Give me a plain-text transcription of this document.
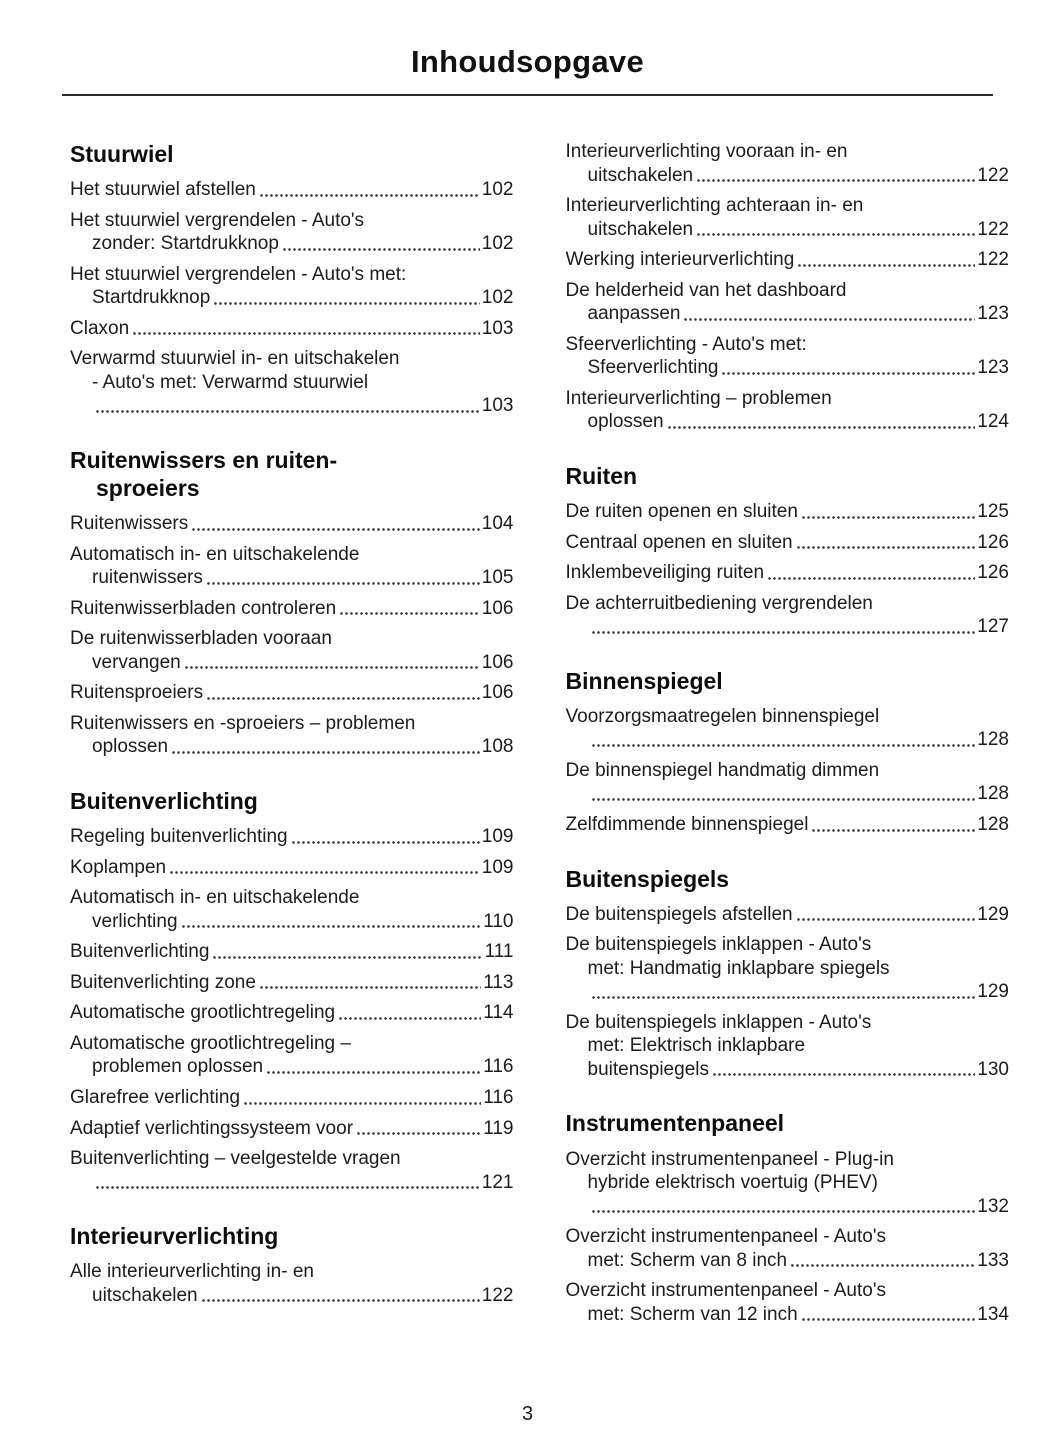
Inhoudsopgave
Stuurwiel
Het stuurwiel afstellen	102
Het stuurwiel vergrendelen - Auto's
zonder: Startdrukknop	102
Het stuurwiel vergrendelen - Auto's met:
Startdrukknop	102
Claxon	103
Verwarmd stuurwiel in- en uitschakelen
- Auto's met: Verwarmd stuurwiel
103
Ruitenwissers en ruiten-
sproeiers
Ruitenwissers	104
Automatisch in- en uitschakelende
ruitenwissers	105
Ruitenwisserbladen controleren	106
De ruitenwisserbladen vooraan
vervangen	106
Ruitensproeiers	106
Ruitenwissers en -sproeiers – problemen
oplossen	108
Buitenverlichting
Regeling buitenverlichting	109
Koplampen	109
Automatisch in- en uitschakelende
verlichting	110
Buitenverlichting	111
Buitenverlichting zone	113
Automatische grootlichtregeling	114
Automatische grootlichtregeling –
problemen oplossen	116
Glarefree verlichting	116
Adaptief verlichtingssysteem voor	119
Buitenverlichting – veelgestelde vragen
121
Interieurverlichting
Alle interieurverlichting in- en
uitschakelen	122
Interieurverlichting vooraan in- en
uitschakelen	122
Interieurverlichting achteraan in- en
uitschakelen	122
Werking interieurverlichting	122
De helderheid van het dashboard
aanpassen	123
Sfeerverlichting - Auto's met:
Sfeerverlichting	123
Interieurverlichting – problemen
oplossen	124
Ruiten
De ruiten openen en sluiten	125
Centraal openen en sluiten	126
Inklembeveiliging ruiten	126
De achterruitbediening vergrendelen
127
Binnenspiegel
Voorzorgsmaatregelen binnenspiegel
128
De binnenspiegel handmatig dimmen
128
Zelfdimmende binnenspiegel	128
Buitenspiegels
De buitenspiegels afstellen	129
De buitenspiegels inklappen - Auto's
met: Handmatig inklapbare spiegels
129
De buitenspiegels inklappen - Auto's
met: Elektrisch inklapbare
buitenspiegels	130
Instrumentenpaneel
Overzicht instrumentenpaneel - Plug-in
hybride elektrisch voertuig (PHEV)
132
Overzicht instrumentenpaneel - Auto's
met: Scherm van 8 inch	133
Overzicht instrumentenpaneel - Auto's
met: Scherm van 12 inch	134
3
